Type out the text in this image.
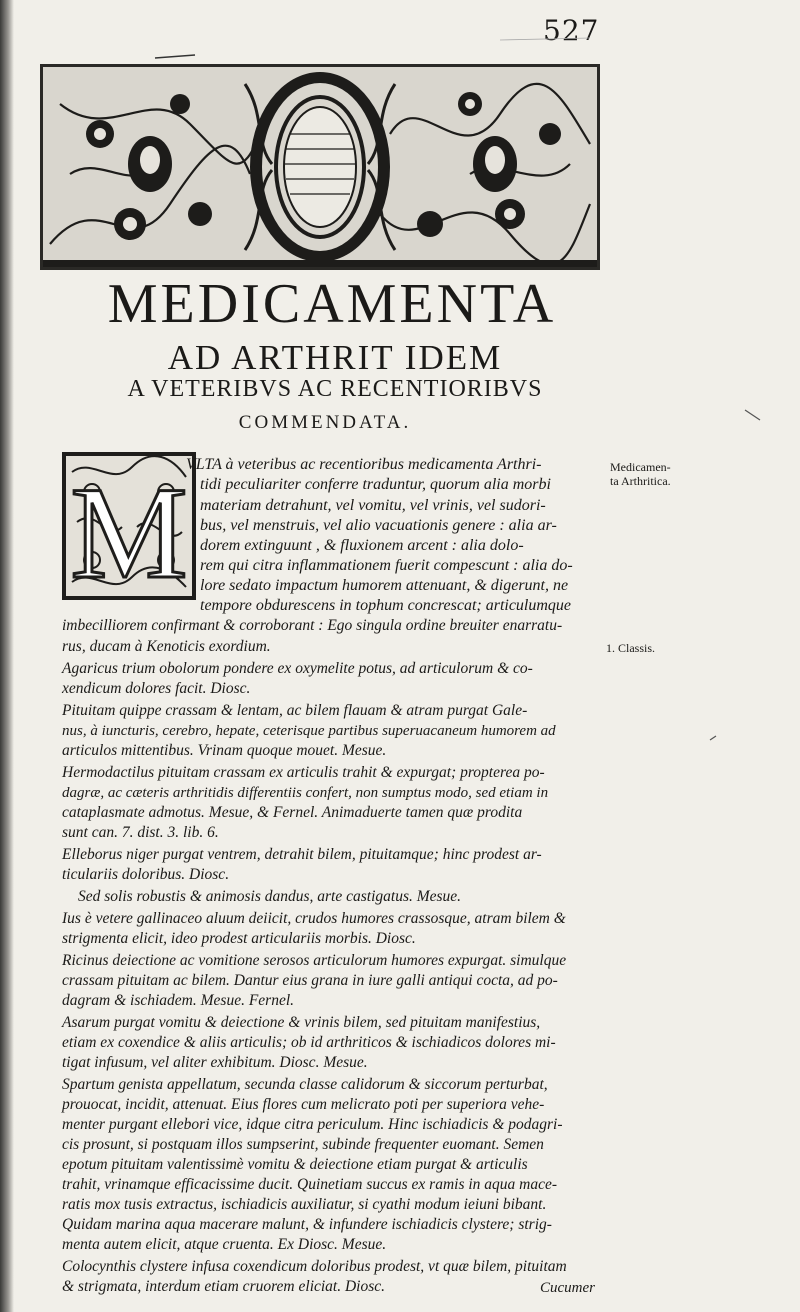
527
MEDICAMENTA
AD ARTHRIT IDEM
A VETERIBVS AC RECENTIORIBVS
COMMENDATA.
M

VLTA à veteribus ac recentioribus medicamenta Arthri-

tidi peculiariter conferre traduntur, quorum alia morbi

materiam detrahunt, vel vomitu, vel vrinis, vel sudori-

bus, vel menstruis, vel alio vacuationis genere : alia ar-

dorem extinguunt , & fluxionem arcent : alia dolo-

rem qui citra inflammationem fuerit compescunt : alia do-

lore sedato impactum humorem attenuant, & digerunt, ne

tempore obdurescens in tophum concrescat; articulumque

imbecilliorem confirmant & corroborant : Ego singula ordine breuiter enarratu-

rus, ducam à Kenoticis exordium.

Agaricus trium obolorum pondere ex oxymelite potus, ad articulorum & co-

xendicum dolores facit. Diosc.

Pituitam quippe crassam & lentam, ac bilem flauam & atram purgat Gale-

nus, à iuncturis, cerebro, hepate, ceterisque partibus superuacaneum humorem ad

articulos mittentibus. Vrinam quoque mouet. Mesue.

Hermodactilus pituitam crassam ex articulis trahit & expurgat; propterea po-

dagræ, ac cæteris arthritidis differentiis confert, non sumptus modo, sed etiam in

cataplasmate admotus. Mesue, & Fernel. Animaduerte tamen quæ prodita

sunt can. 7. dist. 3. lib. 6.

Elleborus niger purgat ventrem, detrahit bilem, pituitamque; hinc prodest ar-

ticulariis doloribus. Diosc.

Sed solis robustis & animosis dandus, arte castigatus. Mesue.

Ius è vetere gallinaceo aluum deiicit, crudos humores crassosque, atram bilem &

strigmenta elicit, ideo prodest articulariis morbis. Diosc.

Ricinus deiectione ac vomitione serosos articulorum humores expurgat. simulque

crassam pituitam ac bilem. Dantur eius grana in iure galli antiqui cocta, ad po-

dagram & ischiadem. Mesue. Fernel.

Asarum purgat vomitu & deiectione & vrinis bilem, sed pituitam manifestius,

etiam ex coxendice & aliis articulis; ob id arthriticos & ischiadicos dolores mi-

tigat infusum, vel aliter exhibitum. Diosc. Mesue.

Spartum genista appellatum, secunda classe calidorum & siccorum perturbat,

prouocat, incidit, attenuat. Eius flores cum melicrato poti per superiora vehe-

menter purgant ellebori vice, idque citra periculum. Hinc ischiadicis & podagri-

cis prosunt, si postquam illos sumpserint, subinde frequenter euomant. Semen

epotum pituitam valentissimè vomitu & deiectione etiam purgat & articulis

trahit, vrinamque efficacissime ducit. Quinetiam succus ex ramis in aqua mace-

ratis mox tusis extractus, ischiadicis auxiliatur, si cyathi modum ieiuni bibant.

Quidam marina aqua macerare malunt, & infundere ischiadicis clystere; strig-

menta autem elicit, atque cruenta. Ex Diosc. Mesue.

Colocynthis clystere infusa coxendicum doloribus prodest, vt quæ bilem, pituitam

& strigmata, interdum etiam cruorem eliciat. Diosc.

Medicamen-
ta Arthritica.
1. Classis.
Cucumer
